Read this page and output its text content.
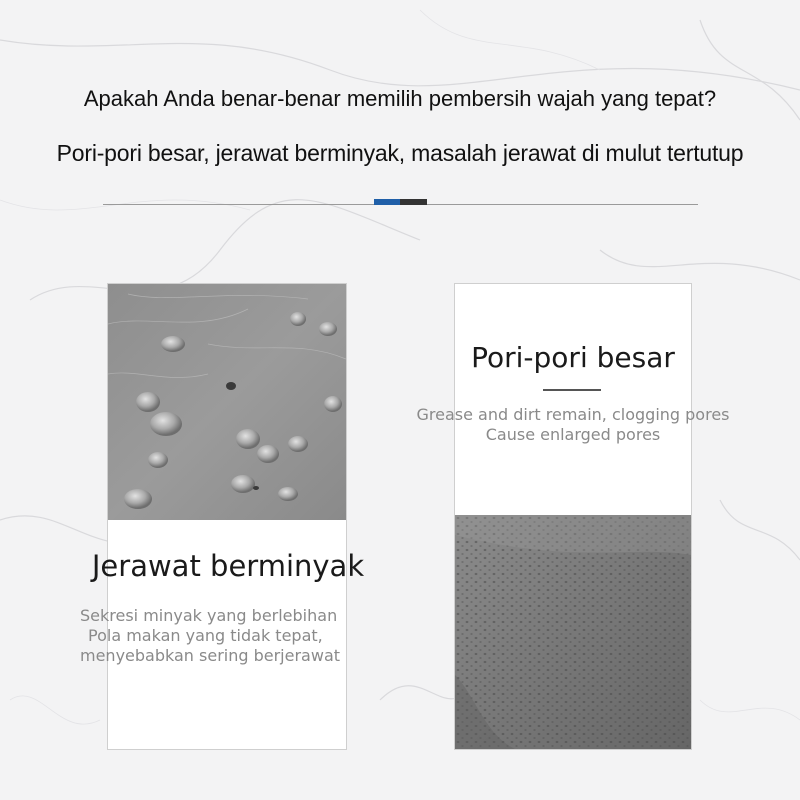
Apakah Anda benar-benar memilih pembersih wajah yang tepat?
Pori-pori besar, jerawat berminyak, masalah jerawat di mulut tertutup
Jerawat berminyak
Sekresi minyak yang berlebihan
Pola makan yang tidak tepat,
menyebabkan sering berjerawat
Pori-pori besar
Grease and dirt remain, clogging pores
Cause enlarged pores
